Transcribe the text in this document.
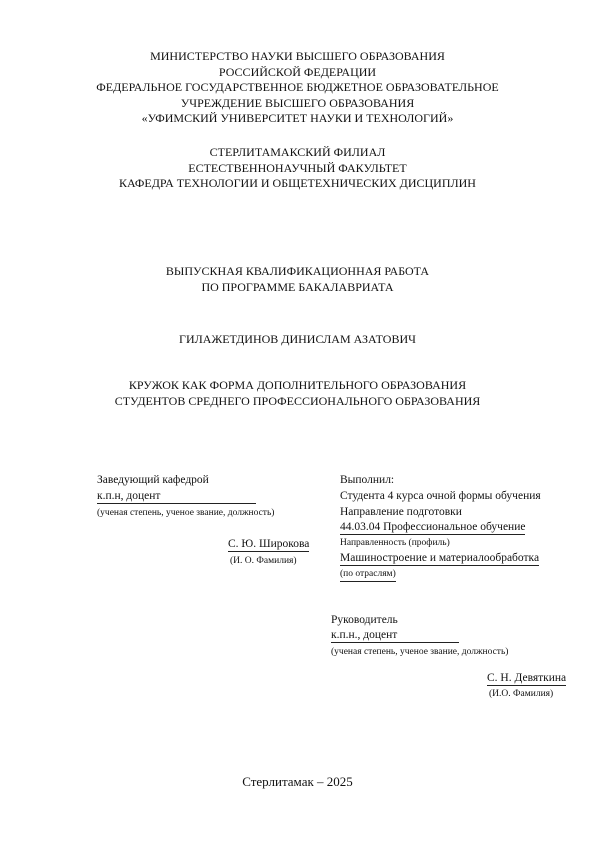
МИНИСТЕРСТВО НАУКИ ВЫСШЕГО ОБРАЗОВАНИЯ
РОССИЙСКОЙ ФЕДЕРАЦИИ
ФЕДЕРАЛЬНОЕ ГОСУДАРСТВЕННОЕ БЮДЖЕТНОЕ ОБРАЗОВАТЕЛЬНОЕ
УЧРЕЖДЕНИЕ ВЫСШЕГО ОБРАЗОВАНИЯ
«УФИМСКИЙ УНИВЕРСИТЕТ НАУКИ И ТЕХНОЛОГИЙ»
СТЕРЛИТАМАКСКИЙ ФИЛИАЛ
ЕСТЕСТВЕННОНАУЧНЫЙ ФАКУЛЬТЕТ
КАФЕДРА ТЕХНОЛОГИИ И ОБЩЕТЕХНИЧЕСКИХ ДИСЦИПЛИН
ВЫПУСКНАЯ КВАЛИФИКАЦИОННАЯ РАБОТА
ПО ПРОГРАММЕ БАКАЛАВРИАТА
ГИЛАЖЕТДИНОВ ДИНИСЛАМ АЗАТОВИЧ
КРУЖОК КАК ФОРМА ДОПОЛНИТЕЛЬНОГО ОБРАЗОВАНИЯ
СТУДЕНТОВ СРЕДНЕГО ПРОФЕССИОНАЛЬНОГО ОБРАЗОВАНИЯ
Заведующий кафедрой
к.п.н, доцент
(ученая степень, ученое звание, должность)
С. Ю. Широкова
(И. О. Фамилия)
Выполнил:
Студента 4 курса очной формы обучения
Направление подготовки
44.03.04 Профессиональное обучение
Направленность (профиль)
Машиностроение и материалообработка
(по отраслям)
Руководитель
к.п.н., доцент
(ученая степень, ученое звание, должность)
С. Н. Девяткина
(И.О. Фамилия)
Стерлитамак – 2025
